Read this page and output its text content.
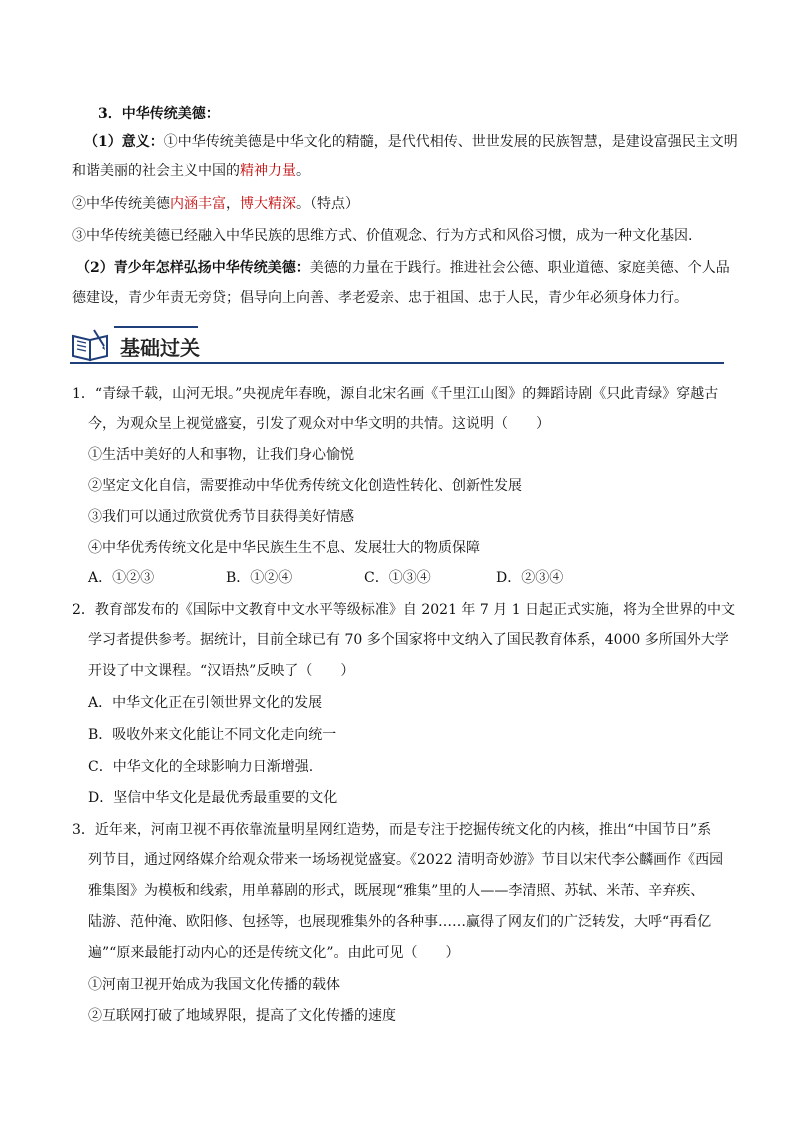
3．中华传统美德：
（1）意义：①中华传统美德是中华文化的精髓，是代代相传、世世发展的民族智慧，是建设富强民主文明
和谐美丽的社会主义中国的精神力量。
②中华传统美德内涵丰富，博大精深。（特点）
③中华传统美德已经融入中华民族的思维方式、价值观念、行为方式和风俗习惯，成为一种文化基因.
（2）青少年怎样弘扬中华传统美德：美德的力量在于践行。推进社会公德、职业道德、家庭美德、个人品
德建设，青少年责无旁贷；倡导向上向善、孝老爱亲、忠于祖国、忠于人民，青少年必须身体力行。
基础过关
1．“青绿千载，山河无垠。”央视虎年春晚，源自北宋名画《千里江山图》的舞蹈诗剧《只此青绿》穿越古
今，为观众呈上视觉盛宴，引发了观众对中华文明的共情。这说明（　　）
①生活中美好的人和事物，让我们身心愉悦
②坚定文化自信，需要推动中华优秀传统文化创造性转化、创新性发展
③我们可以通过欣赏优秀节目获得美好情感
④中华优秀传统文化是中华民族生生不息、发展壮大的物质保障
A．①②③	B．①②④	C．①③④	D．②③④
2．教育部发布的《国际中文教育中文水平等级标准》自 2021 年 7 月 1 日起正式实施，将为全世界的中文
学习者提供参考。据统计，目前全球已有 70 多个国家将中文纳入了国民教育体系，4000 多所国外大学
开设了中文课程。“汉语热”反映了（　　）
A．中华文化正在引领世界文化的发展
B．吸收外来文化能让不同文化走向统一
C．中华文化的全球影响力日渐增强.
D．坚信中华文化是最优秀最重要的文化
3．近年来，河南卫视不再依靠流量明星网红造势，而是专注于挖掘传统文化的内核，推出“中国节日”系
列节目，通过网络媒介给观众带来一场场视觉盛宴。《2022 清明奇妙游》节目以宋代李公麟画作《西园
雅集图》为模板和线索，用单幕剧的形式，既展现“雅集”里的人——李清照、苏轼、米芾、辛弃疾、
陆游、范仲淹、欧阳修、包拯等，也展现雅集外的各种事……赢得了网友们的广泛转发，大呼“再看亿
遍”“原来最能打动内心的还是传统文化”。由此可见（　　）
①河南卫视开始成为我国文化传播的载体
②互联网打破了地域界限，提高了文化传播的速度
